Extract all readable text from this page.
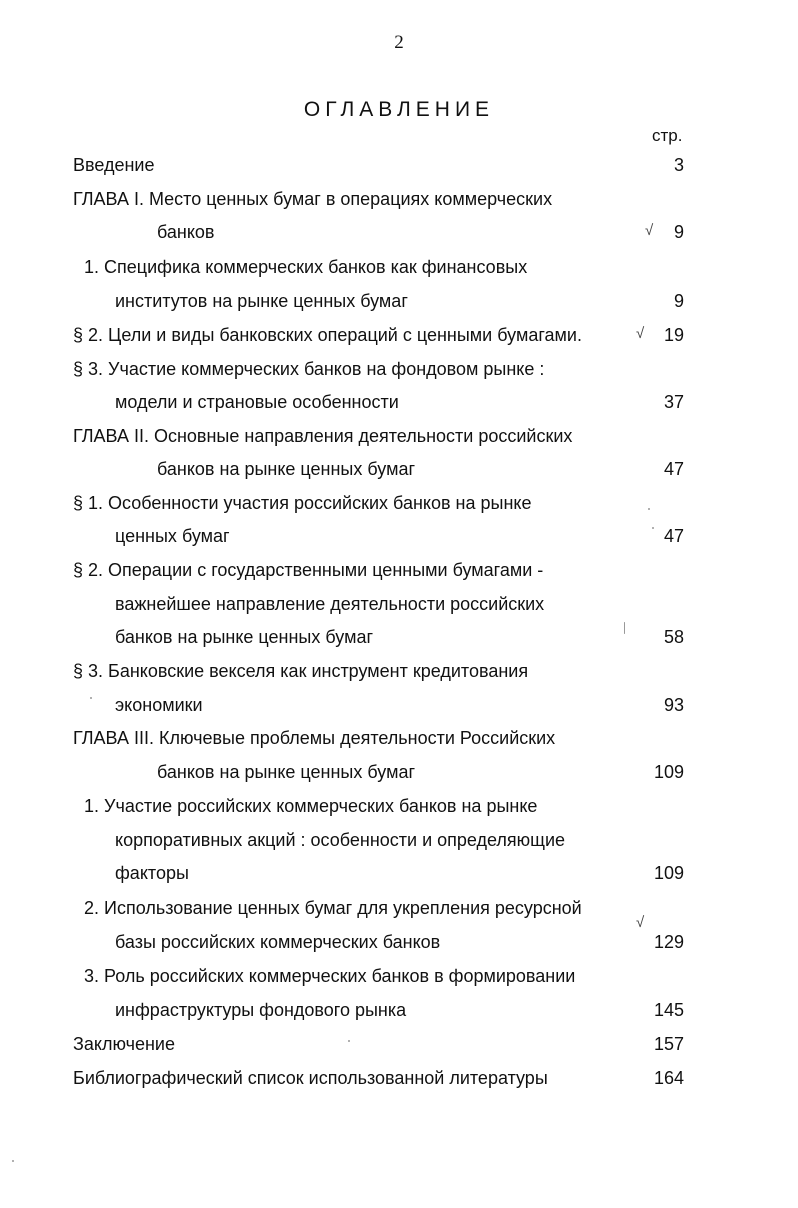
2
ОГЛАВЛЕНИЕ
стр.
Введение	3
ГЛАВА I. Место ценных бумаг в операциях коммерческих
банков	√	9
1. Специфика коммерческих банков как финансовых
институтов на рынке ценных бумаг	9
§ 2. Цели и виды банковских операций с ценными бумагами.	√	19
§ 3. Участие коммерческих банков на фондовом рынке :
модели и страновые особенности	37
ГЛАВА II. Основные направления деятельности российских
банков на рынке ценных бумаг	47
§ 1. Особенности участия российских банков на рынке
ценных бумаг	47
§ 2. Операции с государственными ценными бумагами -
важнейшее направление деятельности российских
банков на рынке ценных бумаг	58
§ 3. Банковские векселя как инструмент кредитования
экономики	93
ГЛАВА III. Ключевые проблемы деятельности Российских
банков на рынке ценных бумаг	109
1. Участие российских коммерческих банков на рынке
корпоративных акций : особенности и определяющие
факторы	109
2. Использование ценных бумаг для укрепления ресурсной
√
базы российских коммерческих банков	129
3. Роль российских коммерческих банков в формировании
инфраструктуры фондового рынка	145
Заключение	157
Библиографический список использованной литературы	164
